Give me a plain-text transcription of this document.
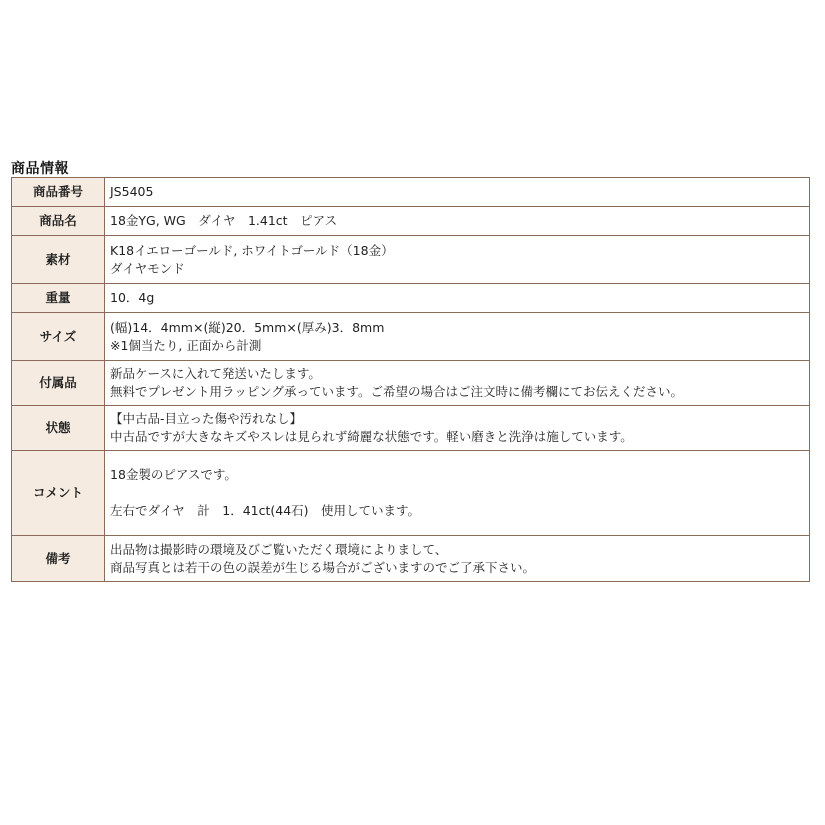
商品情報
商品番号	JS5405

商品名	18金YG, WG　ダイヤ　1.41ct　ピアス

素材	K18イエローゴールド, ホワイトゴールド（18金）
ダイヤモンド

重量	10．4g

サイズ	(幅)14．4mm×(縦)20．5mm×(厚み)3．8mm
※1個当たり, 正面から計測

付属品	新品ケースに入れて発送いたします。
無料でプレゼント用ラッピング承っています。ご希望の場合はご注文時に備考欄にてお伝えください。

状態	【中古品-目立った傷や汚れなし】
中古品ですが大きなキズやスレは見られず綺麗な状態です。軽い磨きと洗浄は施しています。

コメント	18金製のピアスです。
左右でダイヤ　計　1．41ct(44石)　使用しています。

備考	出品物は撮影時の環境及びご覧いただく環境によりまして、
商品写真とは若干の色の誤差が生じる場合がございますのでご了承下さい。
